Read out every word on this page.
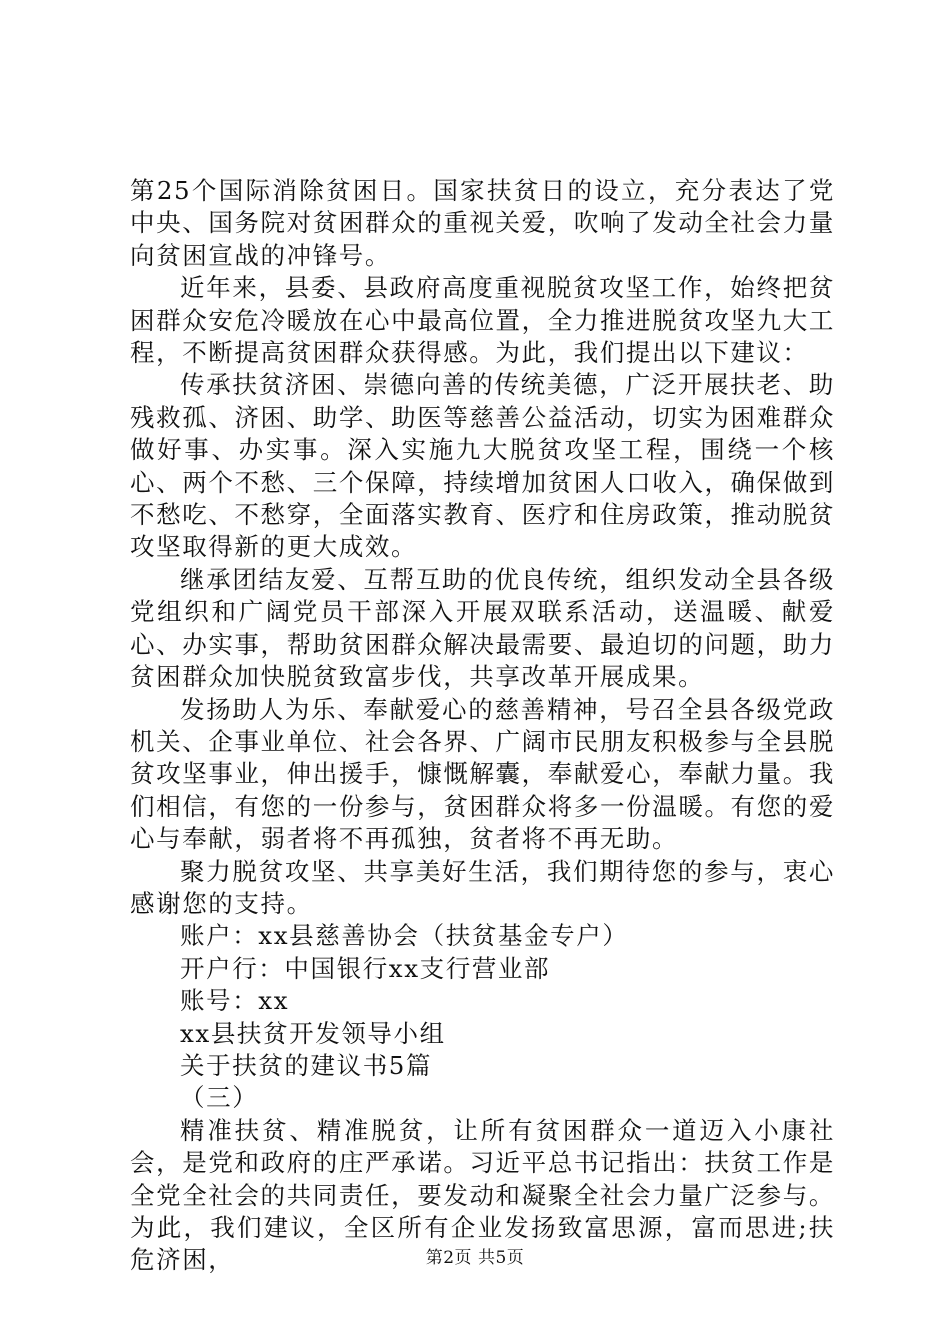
第25个国际消除贫困日。国家扶贫日的设立，充分表达了党中央、国务院对贫困群众的重视关爱，吹响了发动全社会力量向贫困宣战的冲锋号。

近年来，县委、县政府高度重视脱贫攻坚工作，始终把贫困群众安危冷暖放在心中最高位置，全力推进脱贫攻坚九大工程，不断提高贫困群众获得感。为此，我们提出以下建议：

传承扶贫济困、崇德向善的传统美德，广泛开展扶老、助残救孤、济困、助学、助医等慈善公益活动，切实为困难群众做好事、办实事。深入实施九大脱贫攻坚工程，围绕一个核心、两个不愁、三个保障，持续增加贫困人口收入，确保做到不愁吃、不愁穿，全面落实教育、医疗和住房政策，推动脱贫攻坚取得新的更大成效。

继承团结友爱、互帮互助的优良传统，组织发动全县各级党组织和广阔党员干部深入开展双联系活动，送温暖、献爱心、办实事，帮助贫困群众解决最需要、最迫切的问题，助力贫困群众加快脱贫致富步伐，共享改革开展成果。

发扬助人为乐、奉献爱心的慈善精神，号召全县各级党政机关、企事业单位、社会各界、广阔市民朋友积极参与全县脱贫攻坚事业，伸出援手，慷慨解囊，奉献爱心，奉献力量。我们相信，有您的一份参与，贫困群众将多一份温暖。有您的爱心与奉献，弱者将不再孤独，贫者将不再无助。

聚力脱贫攻坚、共享美好生活，我们期待您的参与，衷心感谢您的支持。

账户：xx县慈善协会（扶贫基金专户）

开户行：中国银行xx支行营业部

账号：xx

xx县扶贫开发领导小组

关于扶贫的建议书5篇

（三）

精准扶贫、精准脱贫，让所有贫困群众一道迈入小康社会，是党和政府的庄严承诺。习近平总书记指出：扶贫工作是全党全社会的共同责任，要发动和凝聚全社会力量广泛参与。为此，我们建议，全区所有企业发扬致富思源，富而思进;扶危济困，	第2页 共5页
